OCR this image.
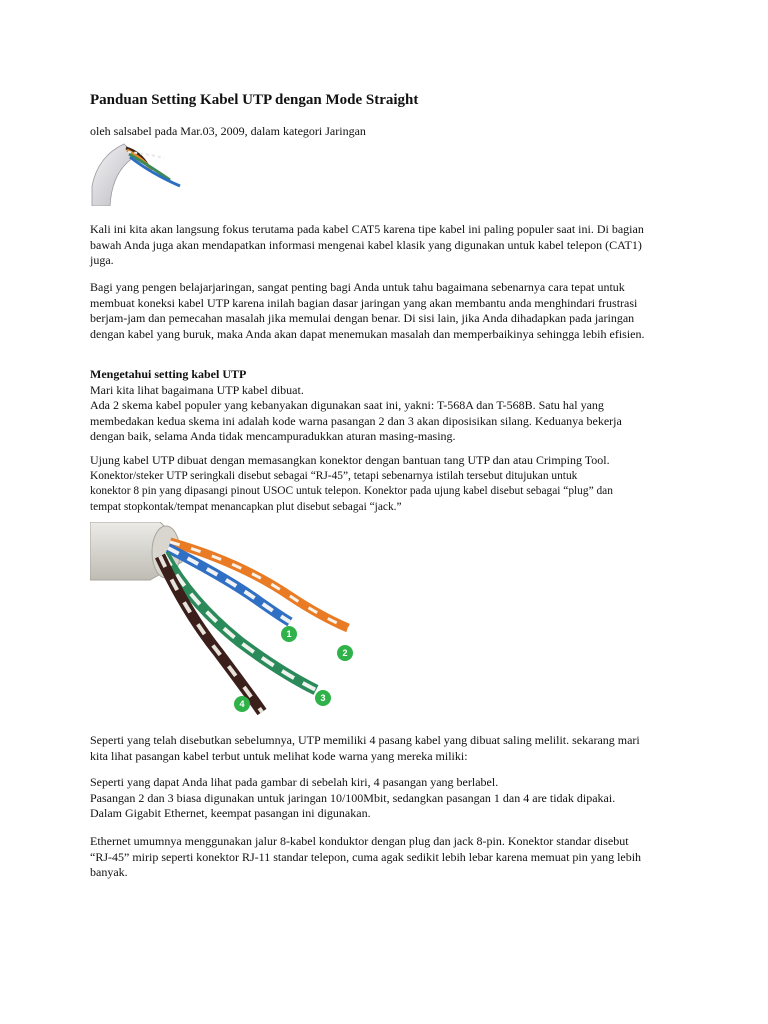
Panduan Setting Kabel UTP dengan Mode Straight
oleh salsabel pada Mar.03, 2009, dalam kategori Jaringan
Kali ini kita akan langsung fokus terutama pada kabel CAT5 karena tipe kabel ini paling populer saat ini. Di bagian
bawah Anda juga akan mendapatkan informasi mengenai kabel klasik yang digunakan untuk kabel telepon (CAT1)
juga.
Bagi yang pengen belajarjaringan, sangat penting bagi Anda untuk tahu bagaimana sebenarnya cara tepat untuk
membuat koneksi kabel UTP karena inilah bagian dasar jaringan yang akan membantu anda menghindari frustrasi
berjam-jam dan pemecahan masalah jika memulai dengan benar. Di sisi lain, jika Anda dihadapkan pada jaringan
dengan kabel yang buruk, maka Anda akan dapat menemukan masalah dan memperbaikinya sehingga lebih efisien.
Mengetahui setting kabel UTP
Mari kita lihat bagaimana UTP kabel dibuat.
Ada 2 skema kabel populer yang kebanyakan digunakan saat ini, yakni: T-568A dan T-568B. Satu hal yang
membedakan kedua skema ini adalah kode warna pasangan 2 dan 3 akan diposisikan silang. Keduanya bekerja
dengan baik, selama Anda tidak mencampuradukkan aturan masing-masing.
Ujung kabel UTP dibuat dengan memasangkan konektor dengan bantuan tang UTP dan atau Crimping Tool.
Konektor/steker UTP seringkali disebut sebagai “RJ-45”, tetapi sebenarnya istilah tersebut ditujukan untuk
konektor 8 pin yang dipasangi pinout USOC untuk telepon. Konektor pada ujung kabel disebut sebagai “plug” dan
tempat stopkontak/tempat menancapkan plut disebut sebagai “jack.”
1
2
3
4
Seperti yang telah disebutkan sebelumnya, UTP memiliki 4 pasang kabel yang dibuat saling melilit. sekarang mari
kita lihat pasangan kabel terbut untuk melihat kode warna yang mereka miliki:
Seperti yang dapat Anda lihat pada gambar di sebelah kiri, 4 pasangan yang berlabel.
Pasangan 2 dan 3 biasa digunakan untuk jaringan 10/100Mbit, sedangkan pasangan 1 dan 4 are tidak dipakai.
Dalam Gigabit Ethernet, keempat pasangan ini digunakan.
Ethernet umumnya menggunakan jalur 8-kabel konduktor dengan plug dan jack 8-pin. Konektor standar disebut
“RJ-45” mirip seperti konektor RJ-11 standar telepon, cuma agak sedikit lebih lebar karena memuat pin yang lebih
banyak.
